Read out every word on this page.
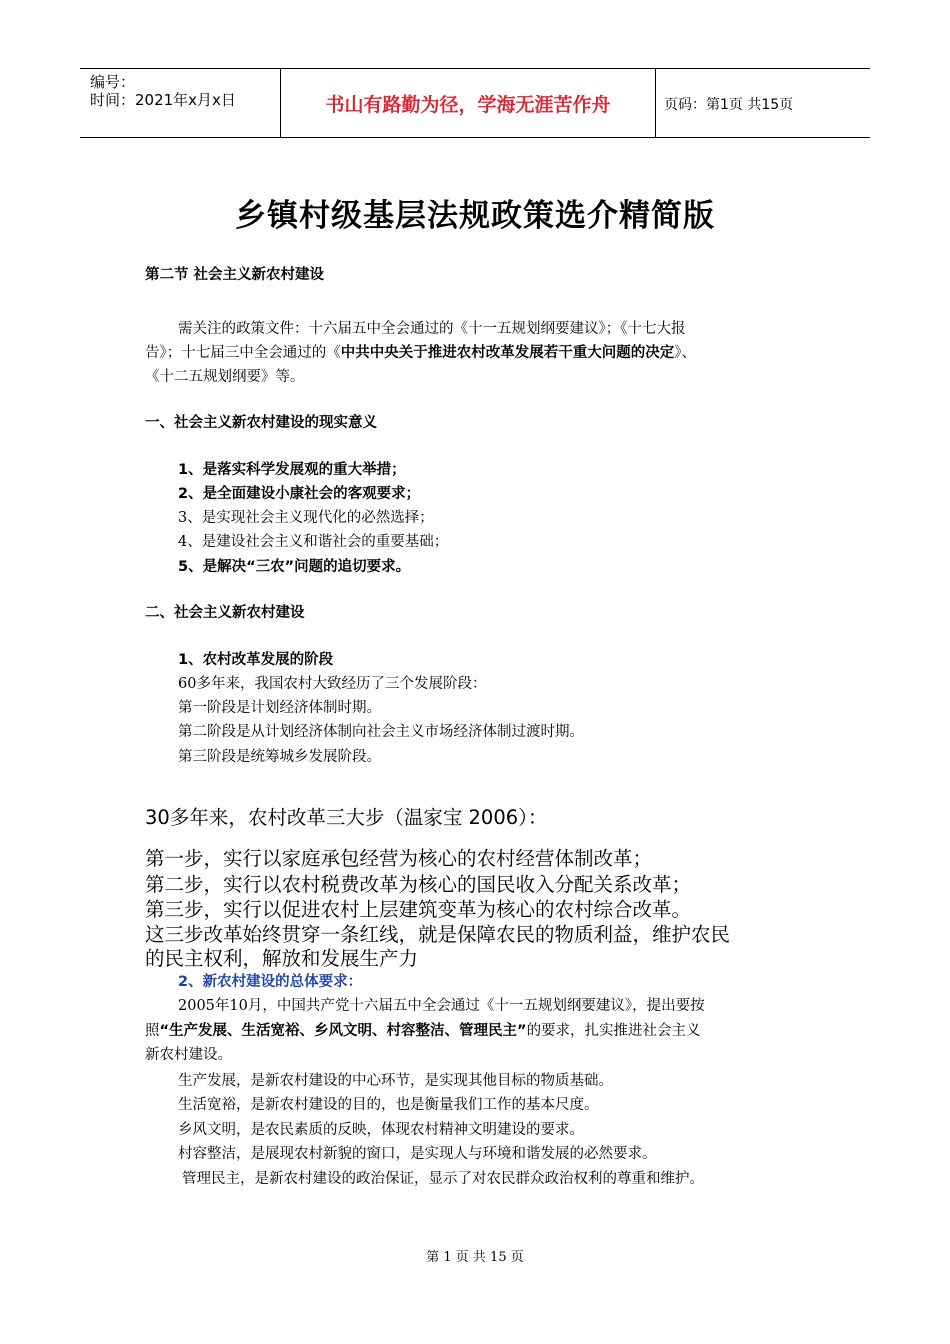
编号：
时间：2021年x月x日	书山有路勤为径，学海无涯苦作舟	页码：第1页 共15页
乡镇村级基层法规政策选介精简版
第二节 社会主义新农村建设
需关注的政策文件：十六届五中全会通过的《十一五规划纲要建议》；《十七大报
告》；十七届三中全会通过的《中共中央关于推进农村改革发展若干重大问题的决定》、
《十二五规划纲要》等。
一、社会主义新农村建设的现实意义
1、是落实科学发展观的重大举措；
2、是全面建设小康社会的客观要求；
3、是实现社会主义现代化的必然选择；
4、是建设社会主义和谐社会的重要基础；
5、是解决“三农”问题的追切要求。
二、社会主义新农村建设
1、农村改革发展的阶段
60多年来，我国农村大致经历了三个发展阶段：
第一阶段是计划经济体制时期。
第二阶段是从计划经济体制向社会主义市场经济体制过渡时期。
第三阶段是统筹城乡发展阶段。
30多年来，农村改革三大步（温家宝 2006）：
第一步，实行以家庭承包经营为核心的农村经营体制改革；
第二步，实行以农村税费改革为核心的国民收入分配关系改革；
第三步，实行以促进农村上层建筑变革为核心的农村综合改革。
这三步改革始终贯穿一条红线，就是保障农民的物质利益，维护农民
的民主权利，解放和发展生产力
2、新农村建设的总体要求：
2005年10月，中国共产党十六届五中全会通过《十一五规划纲要建议》，提出要按
照“生产发展、生活宽裕、乡风文明、村容整洁、管理民主”的要求，扎实推进社会主义
新农村建设。
生产发展，是新农村建设的中心环节，是实现其他目标的物质基础。
生活宽裕，是新农村建设的目的，也是衡量我们工作的基本尺度。
乡风文明，是农民素质的反映，体现农村精神文明建设的要求。
村容整洁，是展现农村新貌的窗口，是实现人与环境和谐发展的必然要求。
管理民主，是新农村建设的政治保证，显示了对农民群众政治权利的尊重和维护。
第 1 页 共 15 页
